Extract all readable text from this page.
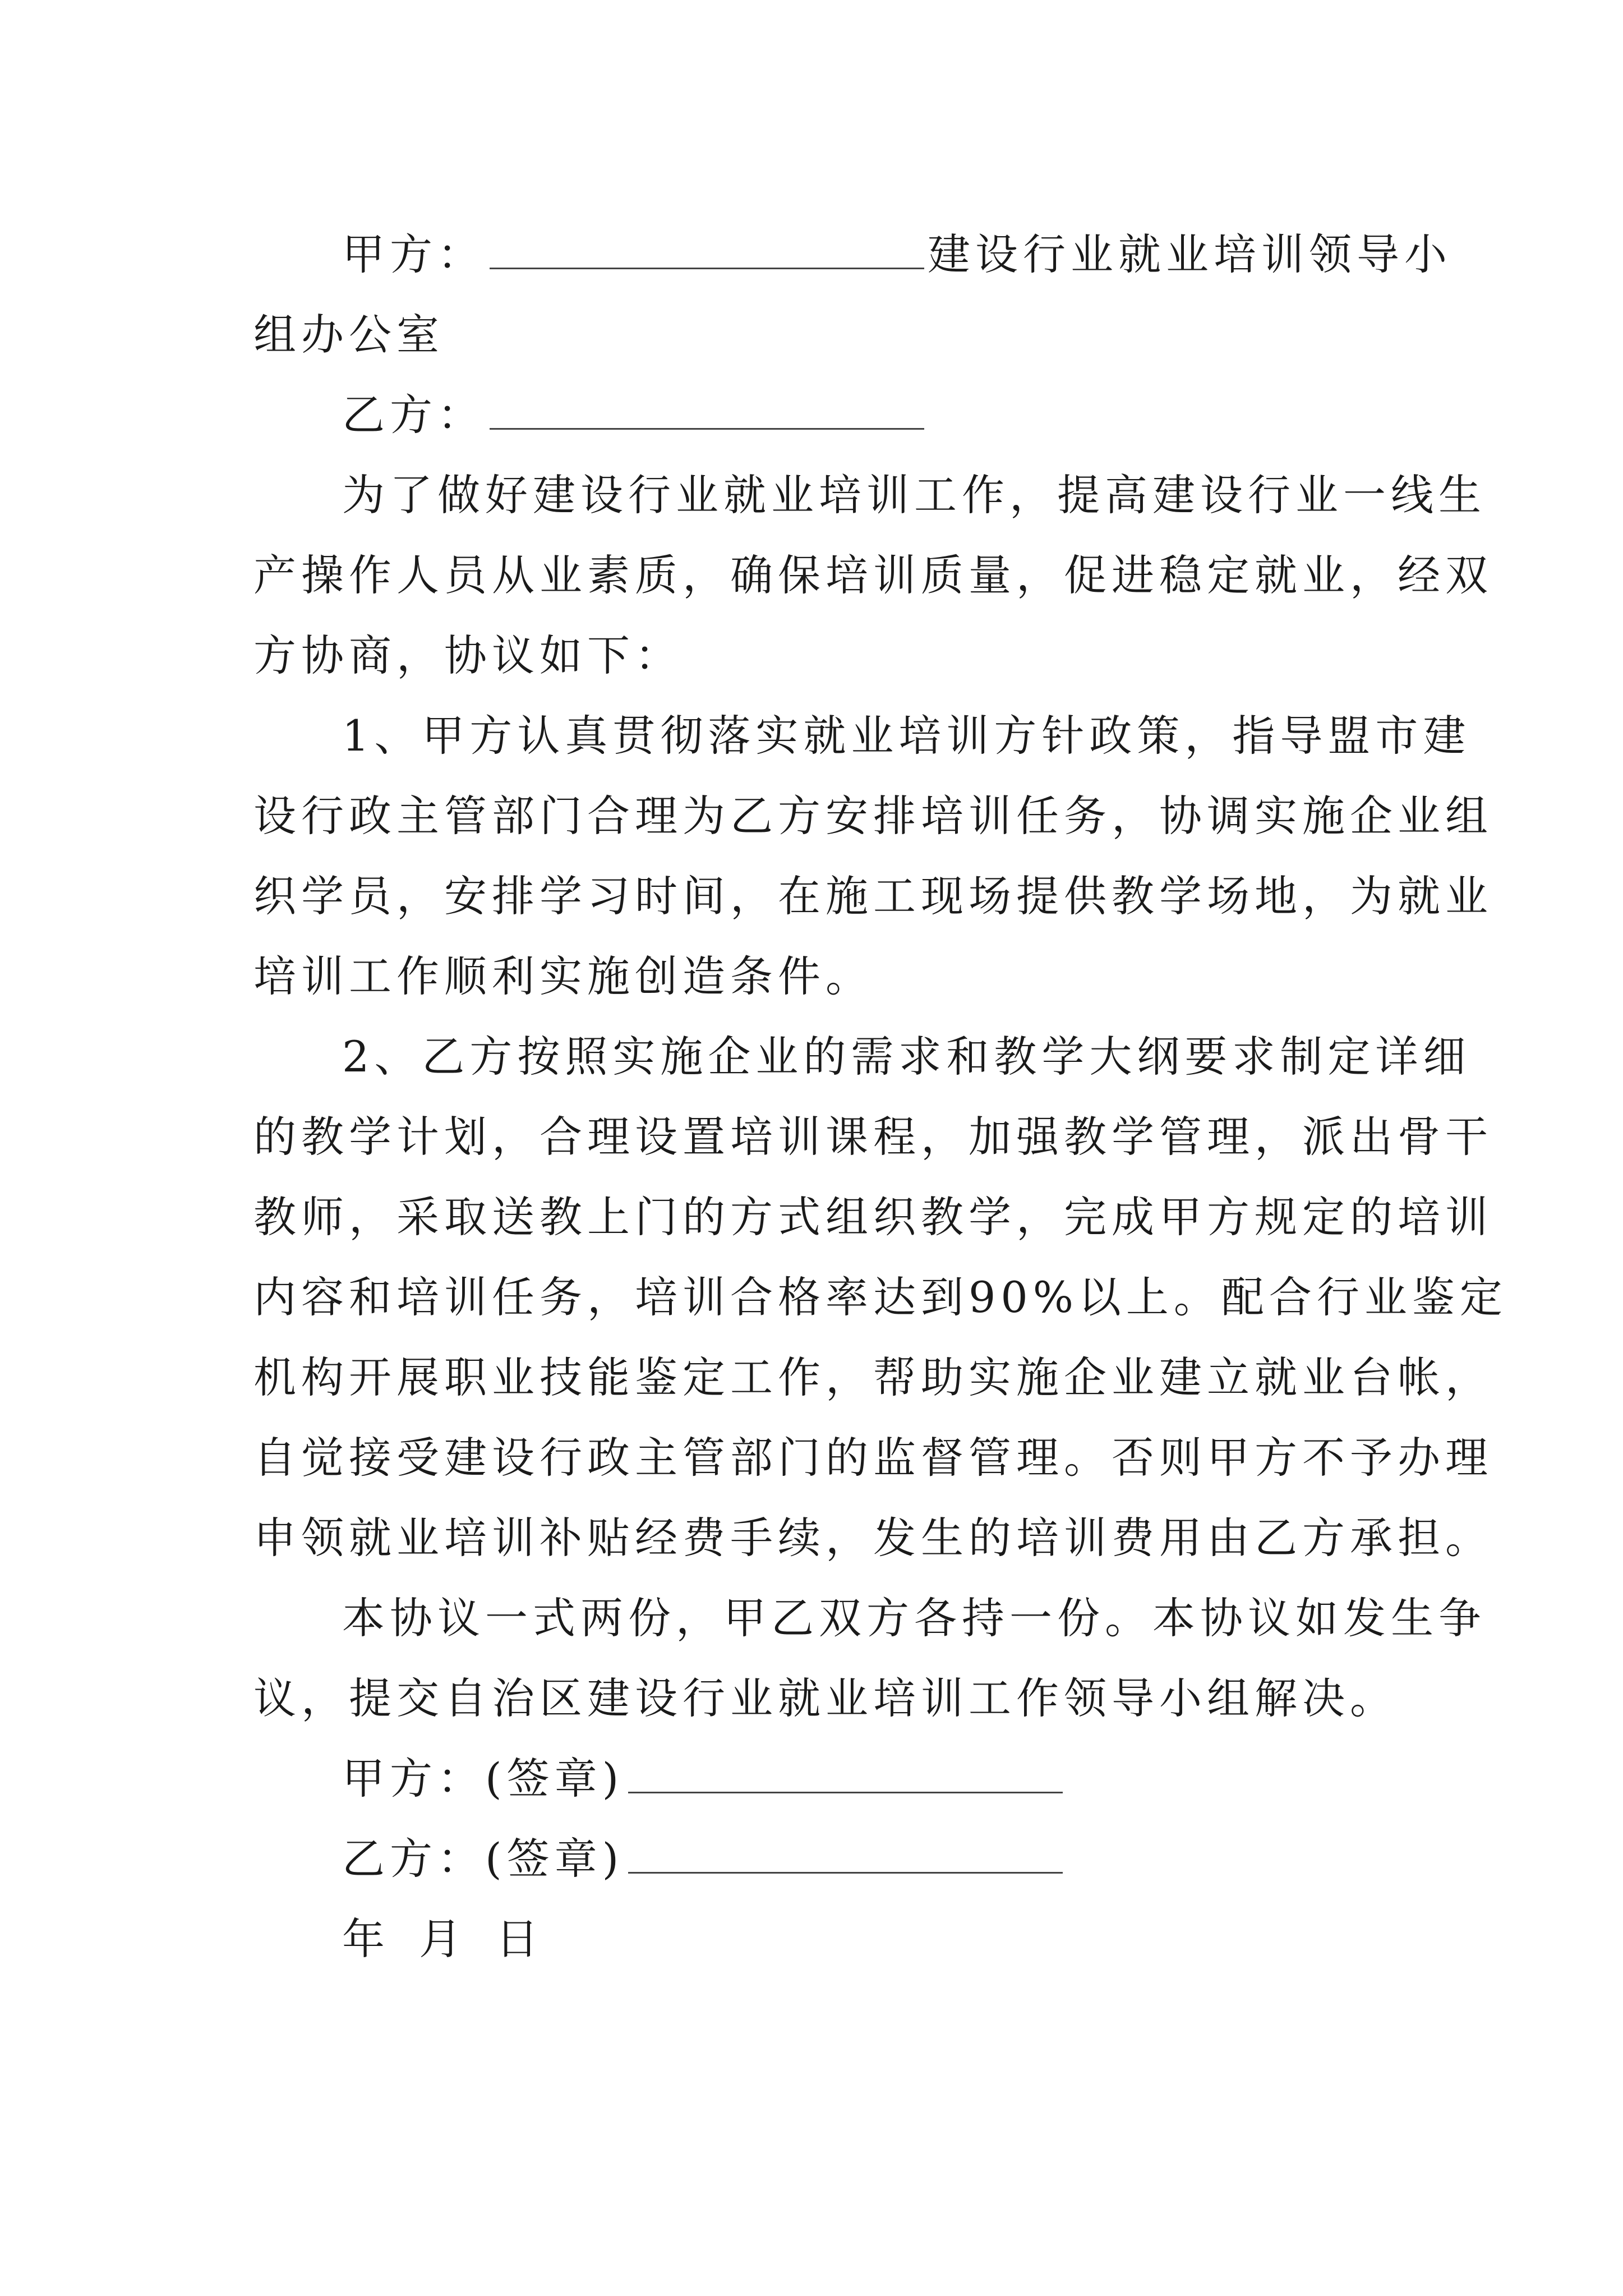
甲方：	建设行业就业培训领导小
组办公室
乙方：
为了做好建设行业就业培训工作，提高建设行业一线生
产操作人员从业素质，确保培训质量，促进稳定就业，经双
方协商，协议如下：
1、甲方认真贯彻落实就业培训方针政策，指导盟市建
设行政主管部门合理为乙方安排培训任务，协调实施企业组
织学员，安排学习时间，在施工现场提供教学场地，为就业
培训工作顺利实施创造条件。
2、乙方按照实施企业的需求和教学大纲要求制定详细
的教学计划，合理设置培训课程，加强教学管理，派出骨干
教师，采取送教上门的方式组织教学，完成甲方规定的培训
内容和培训任务，培训合格率达到90%以上。配合行业鉴定
机构开展职业技能鉴定工作，帮助实施企业建立就业台帐，
自觉接受建设行政主管部门的监督管理。否则甲方不予办理
申领就业培训补贴经费手续，发生的培训费用由乙方承担。
本协议一式两份，甲乙双方各持一份。本协议如发生争
议，提交自治区建设行业就业培训工作领导小组解决。
甲方：(签章)
乙方：(签章)
年 月 日
